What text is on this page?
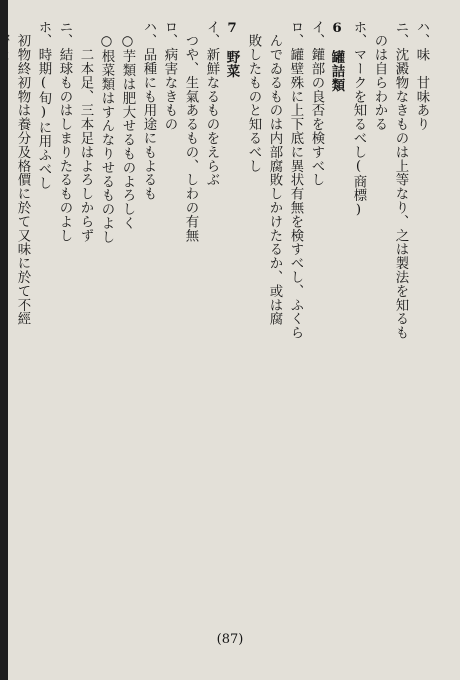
ハ、味　甘味あり
ニ、沈澱物なきものは上等なり、之は製法を知るも
　のは自らわかる
ホ、マークを知るべし(商標)
6　罐詰類
イ、鑵部の良否を検すべし
ロ、罐壁殊に上下底に異状有無を検すべし、ふくら
　んでゐるものは内部腐敗しかけたるか、或は腐
　敗したものと知るべし
7　野菜
イ、新鮮なるものをえらぶ
　つや、生氣あるもの、しわの有無
ロ、病害なきもの
ハ、品種にも用途にもよるも
　○芋類は肥大せるものよろしく
　○根菜類はすんなりせるものよし
　　二本足、三本足はよろしからず
ニ、結球ものはしまりたるものよし
ホ、時期(旬)に用ふべし
　初物終初物は養分及格價に於て又味に於て不經
(87)
